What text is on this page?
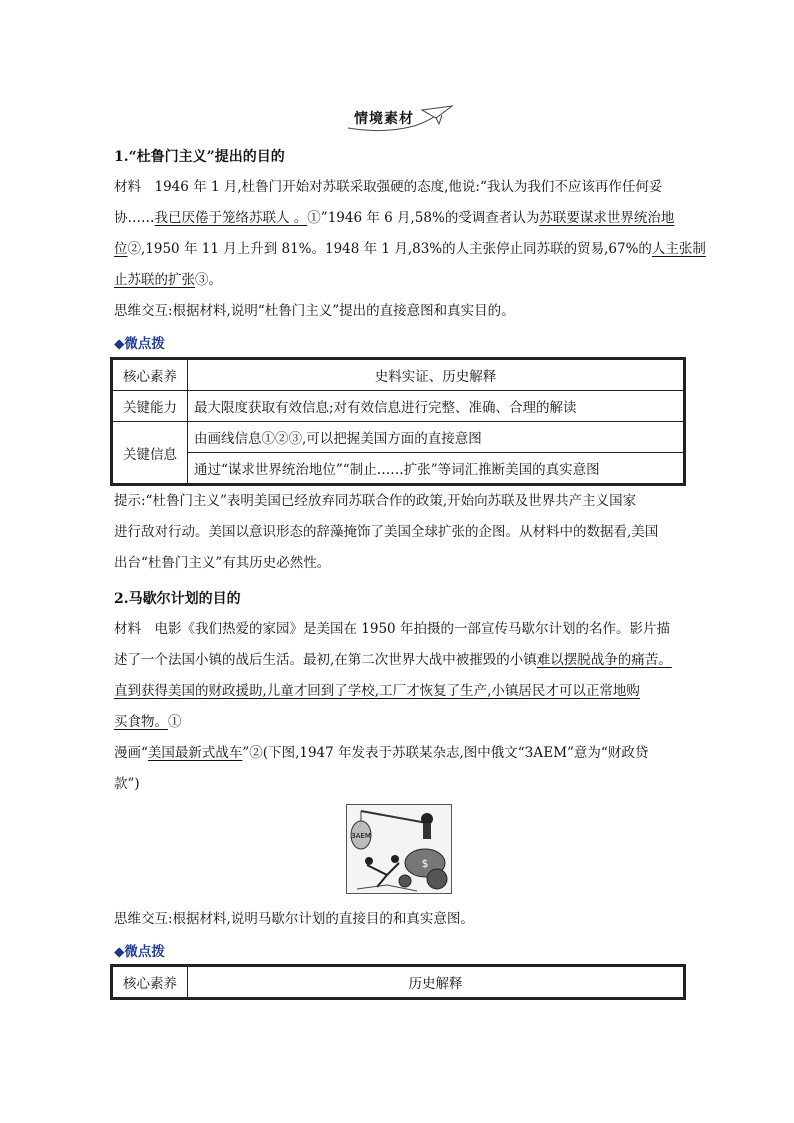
情境素材
1.“杜鲁门主义”提出的目的
材料　1946 年 1 月,杜鲁门开始对苏联采取强硬的态度,他说:“我认为我们不应该再作任何妥
协……我已厌倦于笼络苏联人 。①”1946 年 6 月,58%的受调查者认为苏联要谋求世界统治地
位②,1950 年 11 月上升到 81%。1948 年 1 月,83%的人主张停止同苏联的贸易,67%的人主张制
止苏联的扩张③。
思维交互:根据材料,说明“杜鲁门主义”提出的直接意图和真实目的。
◆微点拨
核心素养	史料实证、历史解释
关键能力	最大限度获取有效信息;对有效信息进行完整、准确、合理的解读
关键信息	由画线信息①②③,可以把握美国方面的直接意图
	通过“谋求世界统治地位”“制止……扩张”等词汇推断美国的真实意图
提示:“杜鲁门主义”表明美国已经放弃同苏联合作的政策,开始向苏联及世界共产主义国家
进行敌对行动。美国以意识形态的辞藻掩饰了美国全球扩张的企图。从材料中的数据看,美国
出台“杜鲁门主义”有其历史必然性。
2.马歇尔计划的目的
材料　电影《我们热爱的家园》是美国在 1950 年拍摄的一部宣传马歇尔计划的名作。影片描
述了一个法国小镇的战后生活。最初,在第二次世界大战中被摧毁的小镇难以摆脱战争的痛苦。
直到获得美国的财政援助,儿童才回到了学校,工厂才恢复了生产,小镇居民才可以正常地购
买食物。①
漫画“美国最新式战车”②(下图,1947 年发表于苏联某杂志,图中俄文“ЗАЕМ”意为“财政贷
款”)
ЗАЕМ
$
思维交互:根据材料,说明马歇尔计划的直接目的和真实意图。
◆微点拨
核心素养	历史解释
